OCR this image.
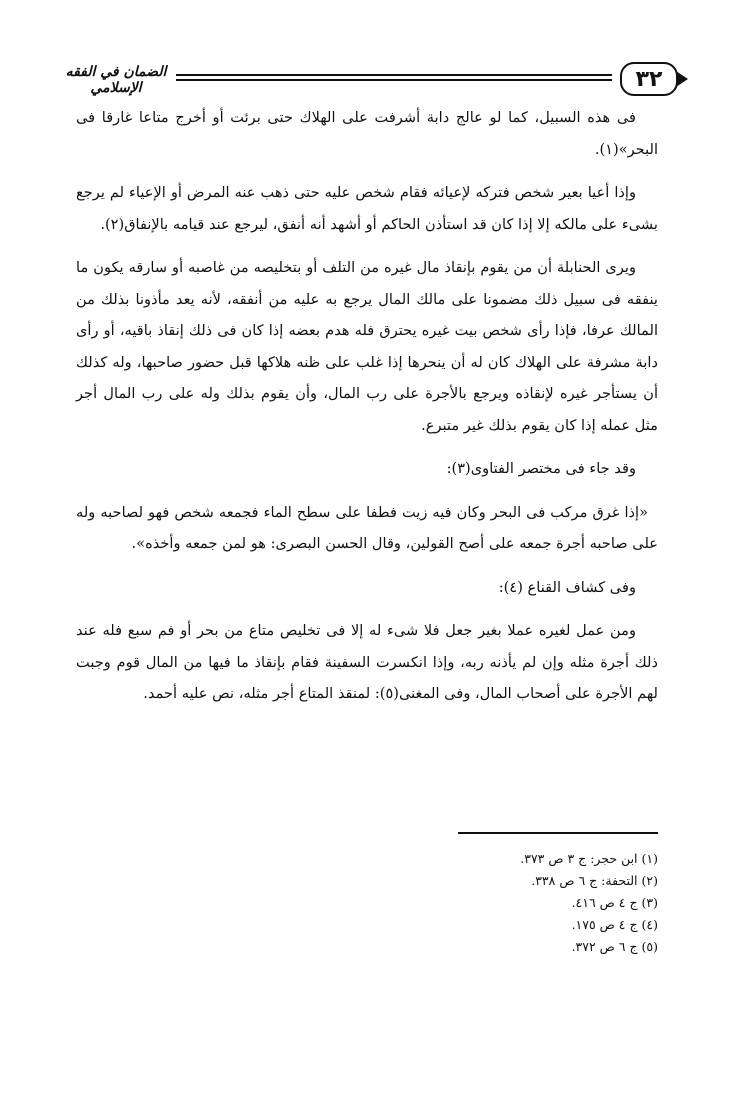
الضمان في الفقه الإسلامي	٣٢

فى هذه السبيل، كما لو عالج دابة أشرفت على الهلاك حتى برئت أو أخرج متاعا غارقا فى البحر»(١).

وإذا أعيا بعير شخص فتركه لإعيائه فقام شخص عليه حتى ذهب عنه المرض أو الإعياء لم يرجع بشىء على مالكه إلا إذا كان قد استأذن الحاكم أو أشهد أنه أنفق، ليرجع عند قيامه بالإنفاق(٢).

ويرى الحنابلة أن من يقوم بإنقاذ مال غيره من التلف أو بتخليصه من غاصبه أو سارقه يكون ما ينفقه فى سبيل ذلك مضمونا على مالك المال يرجع به عليه من أنفقه، لأنه يعد مأذونا بذلك من المالك عرفا، فإذا رأى شخص بيت غيره يحترق فله هدم بعضه إذا كان فى ذلك إنقاذ باقيه، أو رأى دابة مشرفة على الهلاك كان له أن ينحرها إذا غلب على ظنه هلاكها قبل حضور صاحبها، وله كذلك أن يستأجر غيره لإنقاذه ويرجع بالأجرة على رب المال، وأن يقوم بذلك وله على رب المال أجر مثل عمله إذا كان يقوم بذلك غير متبرع.

وقد جاء فى مختصر الفتاوى(٣):

«إذا غرق مركب فى البحر وكان فيه زيت فطفا على سطح الماء فجمعه شخص فهو لصاحبه وله على صاحبه أجرة جمعه على أصح القولين، وقال الحسن البصرى: هو لمن جمعه وأخذه».

وفى كشاف القناع (٤):

ومن عمل لغيره عملا بغير جعل فلا شىء له إلا فى تخليص متاع من بحر أو فم سبع فله عند ذلك أجرة مثله وإن لم يأذنه ربه، وإذا انكسرت السفينة فقام بإنقاذ ما فيها من المال قوم وجبت لهم الأجرة على أصحاب المال، وفى المغنى(٥): لمنقذ المتاع أجر مثله، نص عليه أحمد.

(١) ابن حجر: ج ٣ ص ٣٧٣.
(٢) التحفة: ج ٦ ص ٣٣٨.
(٣) ج ٤ ص ٤١٦.
(٤) ج ٤ ص ١٧٥.
(٥) ج ٦ ص ٣٧٢.
